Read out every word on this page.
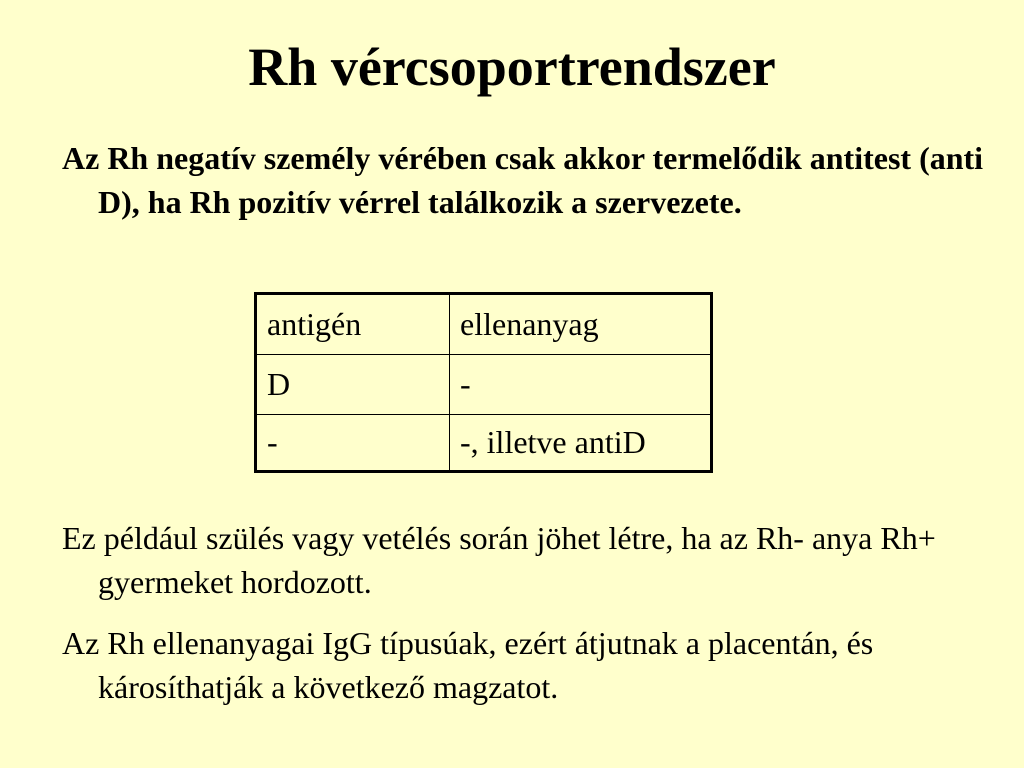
Rh vércsoportrendszer
Az Rh negatív személy vérében csak akkor termelődik antitest (anti D), ha Rh pozitív vérrel találkozik a szervezete.
antigén	ellenanyag
D	-
-	-, illetve antiD
Ez például szülés vagy vetélés során jöhet létre, ha az Rh- anya Rh+ gyermeket hordozott.
Az Rh ellenanyagai IgG típusúak, ezért átjutnak a placentán, és károsíthatják a következő magzatot.
